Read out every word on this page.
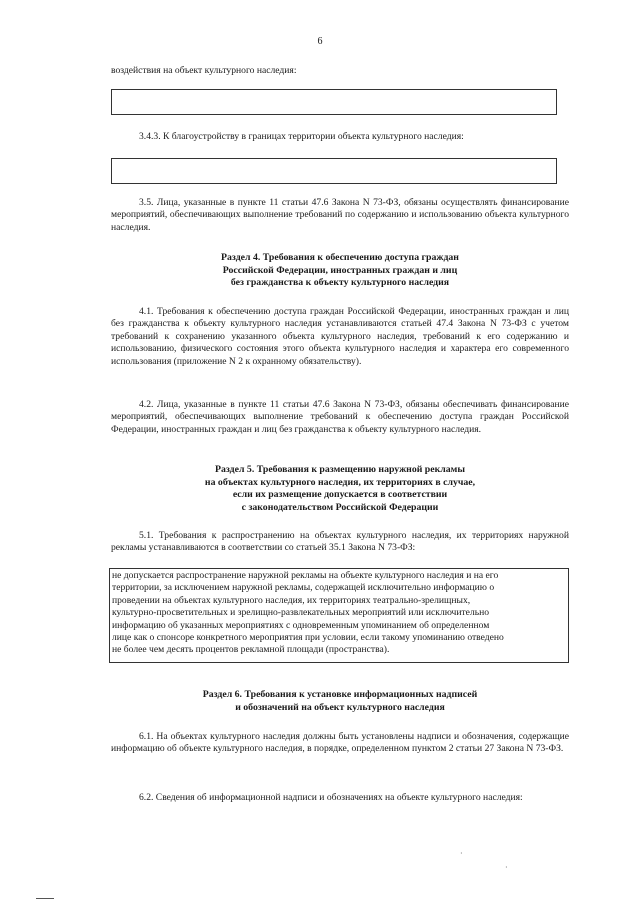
6
воздействия на объект культурного наследия:
3.4.3. К благоустройству в границах территории объекта культурного наследия:
3.5. Лица, указанные в пункте 11 статьи 47.6 Закона N 73-ФЗ, обязаны осуществлять финансирование мероприятий, обеспечивающих выполнение требований по содержанию и использованию объекта культурного наследия.
Раздел 4. Требования к обеспечению доступа граждан
Российской Федерации, иностранных граждан и лиц
без гражданства к объекту культурного наследия
4.1. Требования к обеспечению доступа граждан Российской Федерации, иностранных граждан и лиц без гражданства к объекту культурного наследия устанавливаются статьей 47.4 Закона N 73-ФЗ с учетом требований к сохранению указанного объекта культурного наследия, требований к его содержанию и использованию, физического состояния этого объекта культурного наследия и характера его современного использования (приложение N 2 к охранному обязательству).
4.2. Лица, указанные в пункте 11 статьи 47.6 Закона N 73-ФЗ, обязаны обеспечивать финансирование мероприятий, обеспечивающих выполнение требований к обеспечению доступа граждан Российской Федерации, иностранных граждан и лиц без гражданства к объекту культурного наследия.
Раздел 5. Требования к размещению наружной рекламы
на объектах культурного наследия, их территориях в случае,
если их размещение допускается в соответствии
с законодательством Российской Федерации
5.1. Требования к распространению на объектах культурного наследия, их территориях наружной рекламы устанавливаются в соответствии со статьей 35.1 Закона N 73-ФЗ:
не допускается распространение наружной рекламы на объекте культурного наследия и на его
территории, за исключением наружной рекламы, содержащей исключительно информацию о
проведении на объектах культурного наследия, их территориях театрально-зрелищных,
культурно-просветительных и зрелищно-развлекательных мероприятий или исключительно
информацию об указанных мероприятиях с одновременным упоминанием об определенном
лице как о спонсоре конкретного мероприятия при условии, если такому упоминанию отведено
не более чем десять процентов рекламной площади (пространства).
Раздел 6. Требования к установке информационных надписей
и обозначений на объект культурного наследия
6.1. На объектах культурного наследия должны быть установлены надписи и обозначения, содержащие информацию об объекте культурного наследия, в порядке, определенном пунктом 2 статьи 27 Закона N 73-ФЗ.
6.2. Сведения об информационной надписи и обозначениях на объекте культурного наследия:
·
·
